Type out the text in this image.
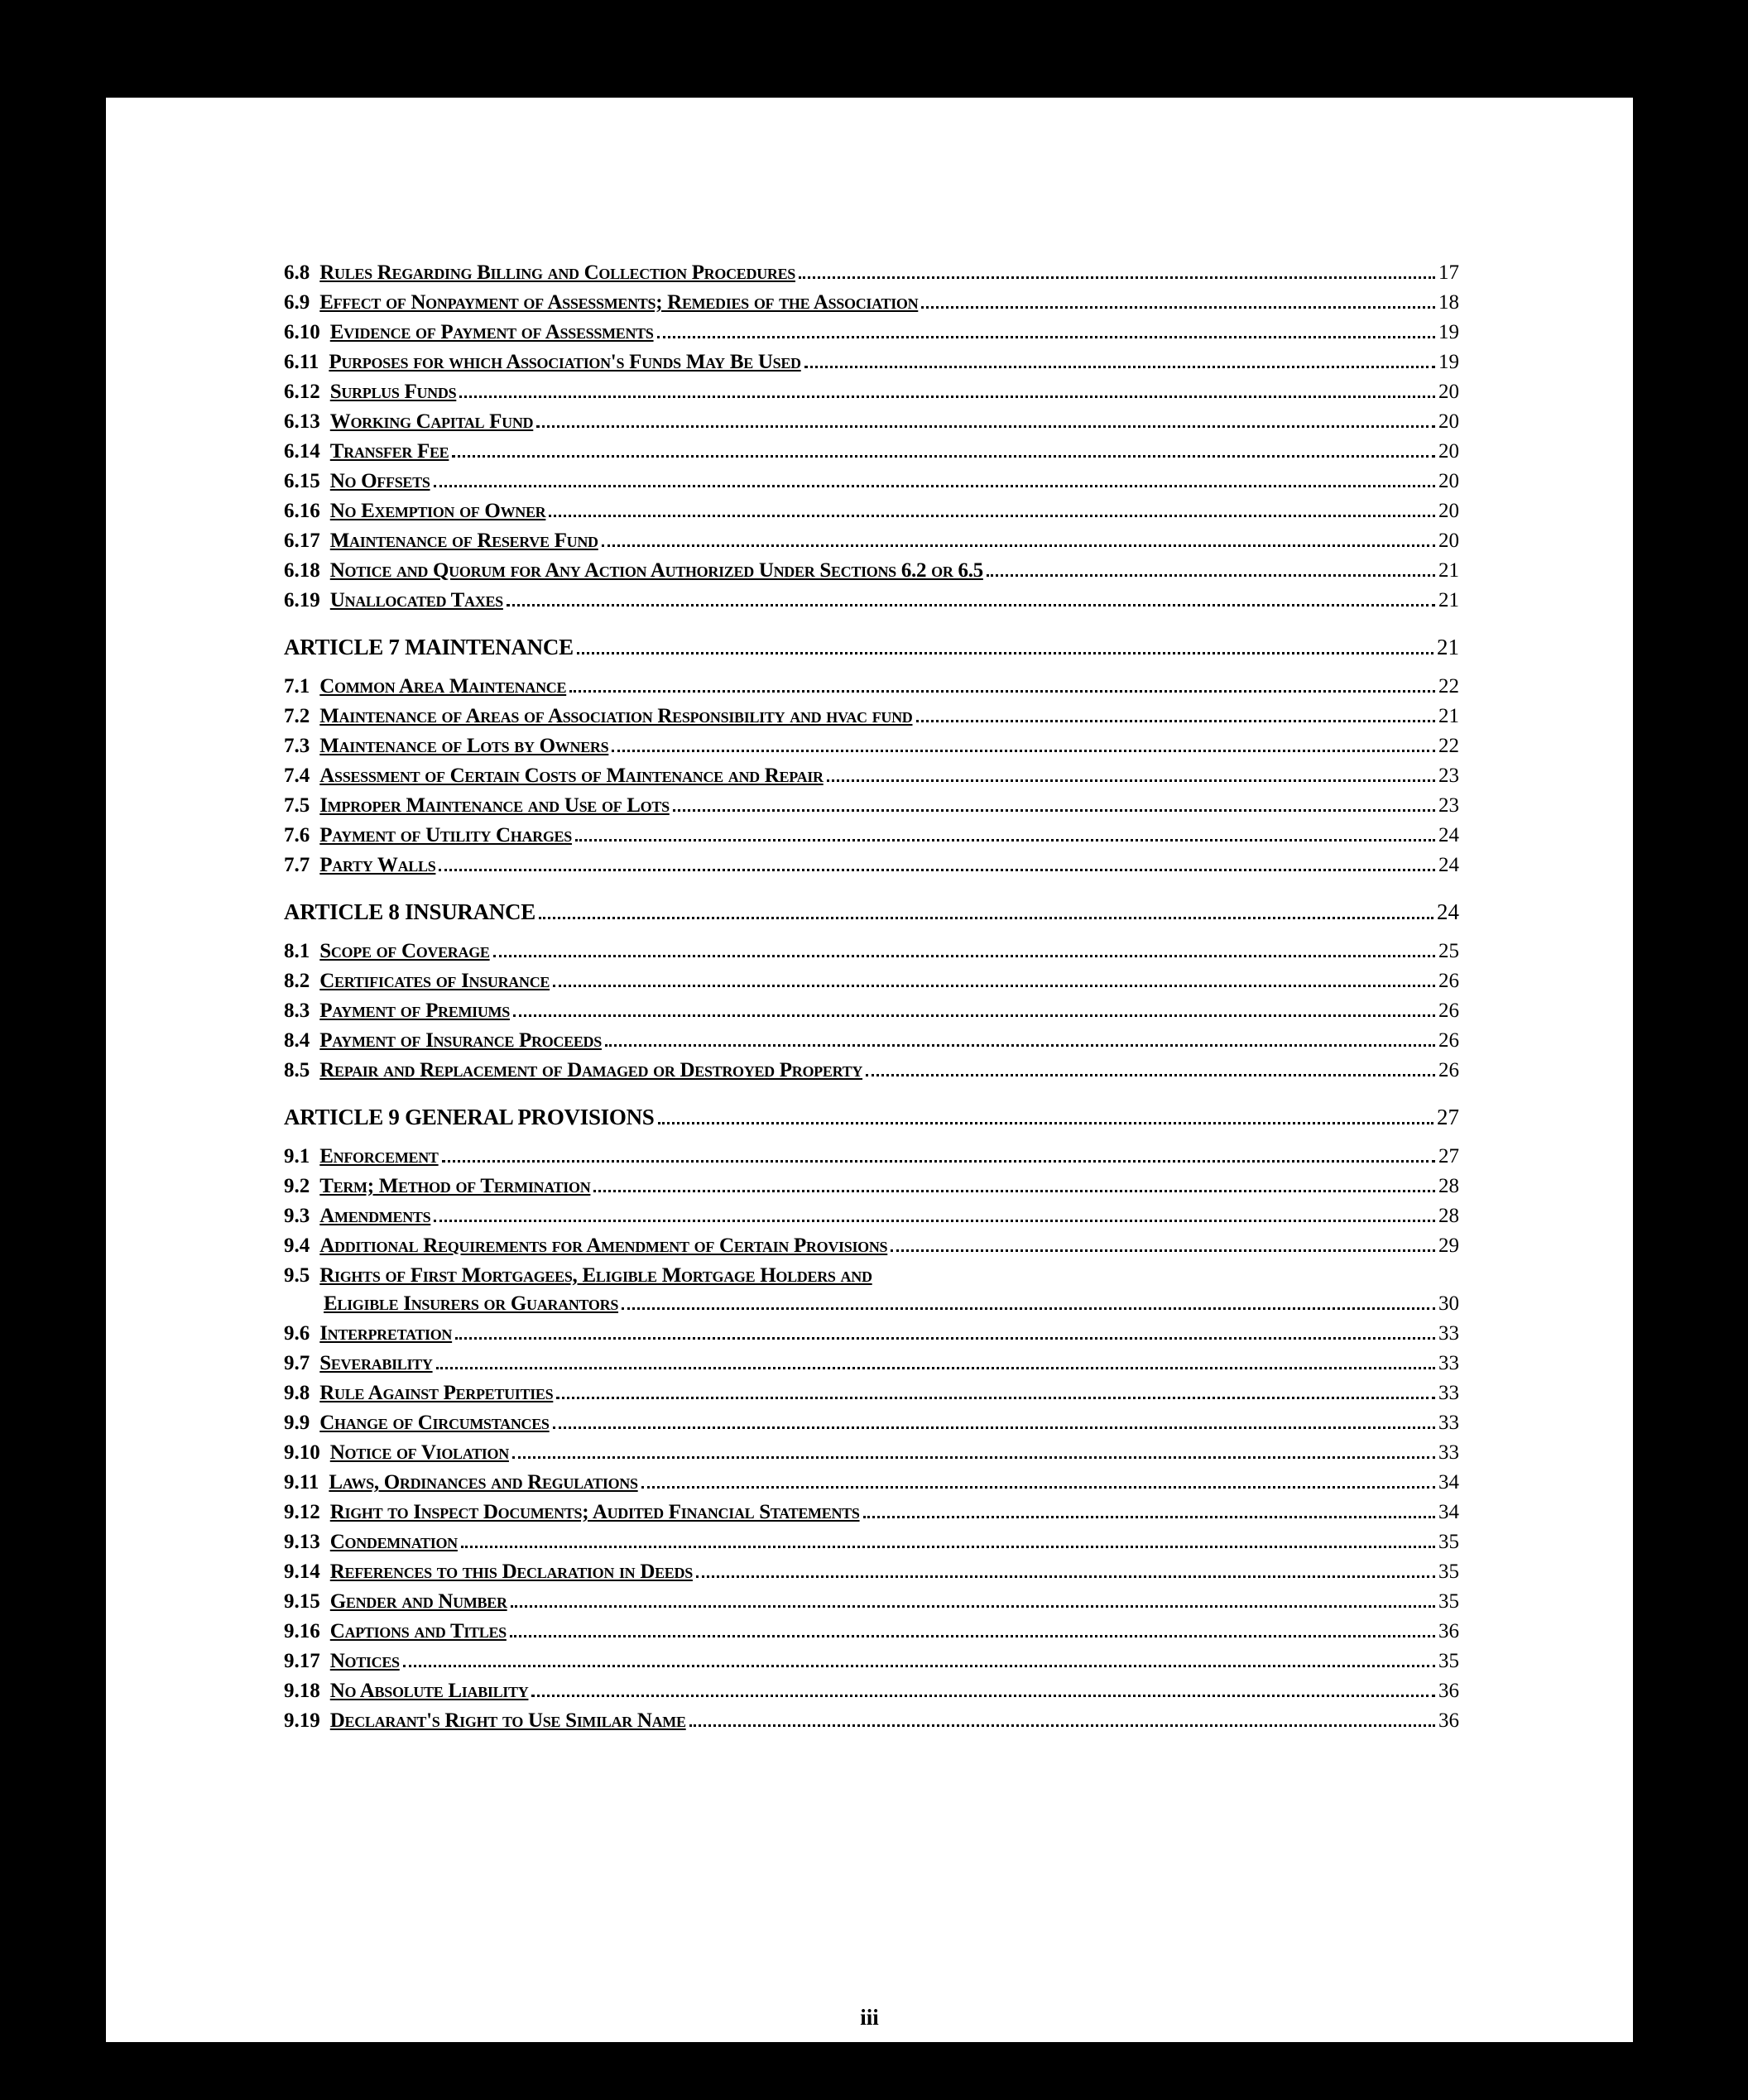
6.8 Rules Regarding Billing and Collection Procedures	17
6.9 Effect of Nonpayment of Assessments; Remedies of the Association	18
6.10 Evidence of Payment of Assessments	19
6.11 Purposes for which Association's Funds May Be Used	19
6.12 Surplus Funds	20
6.13 Working Capital Fund	20
6.14 Transfer Fee	20
6.15 No Offsets	20
6.16 No Exemption of Owner	20
6.17 Maintenance of Reserve Fund	20
6.18 Notice and Quorum for Any Action Authorized Under Sections 6.2 or 6.5	21
6.19 Unallocated Taxes	21
ARTICLE 7 MAINTENANCE	21
7.1 Common Area Maintenance	22
7.2 Maintenance of Areas of Association Responsibility and hvac fund	21
7.3 Maintenance of Lots by Owners	22
7.4 Assessment of Certain Costs of Maintenance and Repair	23
7.5 Improper Maintenance and Use of Lots	23
7.6 Payment of Utility Charges	24
7.7 Party Walls	24
ARTICLE 8 INSURANCE	24
8.1 Scope of Coverage	25
8.2 Certificates of Insurance	26
8.3 Payment of Premiums	26
8.4 Payment of Insurance Proceeds	26
8.5 Repair and Replacement of Damaged or Destroyed Property	26
ARTICLE 9 GENERAL PROVISIONS	27
9.1 Enforcement	27
9.2 Term; Method of Termination	28
9.3 Amendments	28
9.4 Additional Requirements for Amendment of Certain Provisions	29
9.5 Rights of First Mortgagees, Eligible Mortgage Holders and
Eligible Insurers or Guarantors	30
9.6 Interpretation	33
9.7 Severability	33
9.8 Rule Against Perpetuities	33
9.9 Change of Circumstances	33
9.10 Notice of Violation	33
9.11 Laws, Ordinances and Regulations	34
9.12 Right to Inspect Documents; Audited Financial Statements	34
9.13 Condemnation	35
9.14 References to this Declaration in Deeds	35
9.15 Gender and Number	35
9.16 Captions and Titles	36
9.17 Notices	35
9.18 No Absolute Liability	36
9.19 Declarant's Right to Use Similar Name	36
iii
10679 854
